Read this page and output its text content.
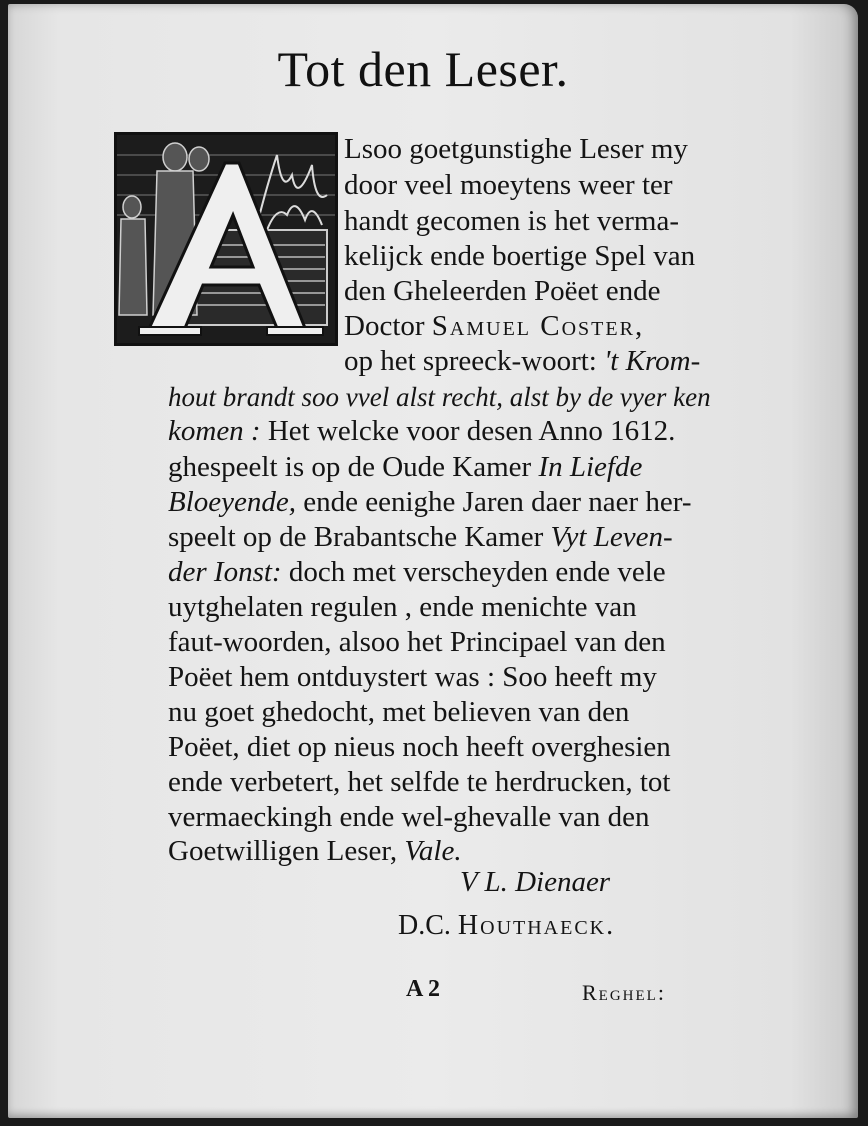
Tot den Leser.
Lsoo goetgunstighe Leser my
door veel moeytens weer ter
handt gecomen is het verma-
kelijck ende boertige Spel van
den Gheleerden Poëet ende
Doctor Samuel Coster,
op het spreeck-woort: 't Krom-
hout brandt soo vvel alst recht, alst by de vyer ken
komen : Het welcke voor desen Anno 1612.
ghespeelt is op de Oude Kamer In Liefde
Bloeyende, ende eenighe Jaren daer naer her-
speelt op de Brabantsche Kamer Vyt Leven-
der Ionst: doch met verscheyden ende vele
uytghelaten regulen , ende menichte van
faut-woorden, alsoo het Principael van den
Poëet hem ontduystert was : Soo heeft my
nu goet ghedocht, met believen van den
Poëet, diet op nieus noch heeft overghesien
ende verbetert, het selfde te herdrucken, tot
vermaeckingh ende wel-ghevalle van den
Goetwilligen Leser, Vale.
V L. Dienaer
D.C. Houthaeck.
A 2	Reghel:
